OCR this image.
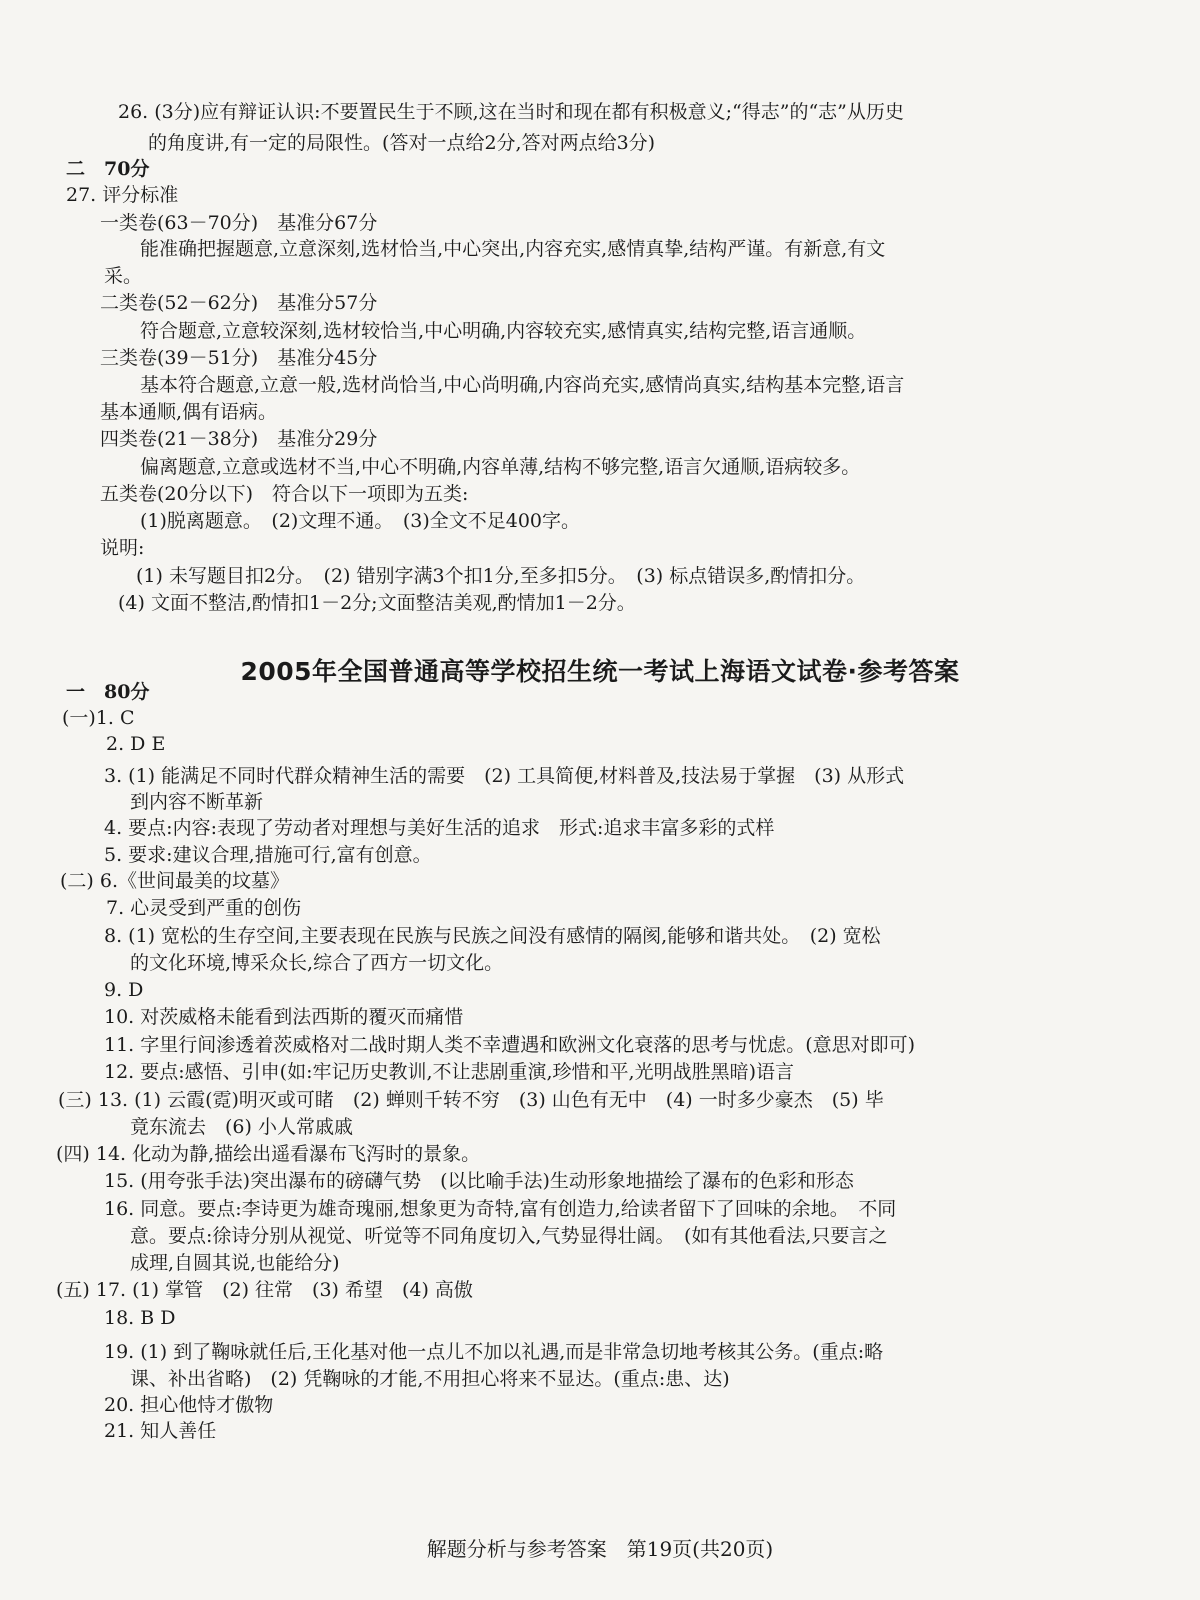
26. (3分)应有辩证认识:不要置民生于不顾,这在当时和现在都有积极意义;“得志”的“志”从历史
的角度讲,有一定的局限性。(答对一点给2分,答对两点给3分)
二　70分
27. 评分标准
一类卷(63－70分)　基准分67分
能准确把握题意,立意深刻,选材恰当,中心突出,内容充实,感情真挚,结构严谨。有新意,有文
采。
二类卷(52－62分)　基准分57分
符合题意,立意较深刻,选材较恰当,中心明确,内容较充实,感情真实,结构完整,语言通顺。
三类卷(39－51分)　基准分45分
基本符合题意,立意一般,选材尚恰当,中心尚明确,内容尚充实,感情尚真实,结构基本完整,语言
基本通顺,偶有语病。
四类卷(21－38分)　基准分29分
偏离题意,立意或选材不当,中心不明确,内容单薄,结构不够完整,语言欠通顺,语病较多。
五类卷(20分以下)　符合以下一项即为五类:
(1)脱离题意。　(2)文理不通。　(3)全文不足400字。
说明:
(1) 未写题目扣2分。　(2) 错别字满3个扣1分,至多扣5分。　(3) 标点错误多,酌情扣分。
(4) 文面不整洁,酌情扣1－2分;文面整洁美观,酌情加1－2分。
2005年全国普通高等学校招生统一考试上海语文试卷·参考答案
一　80分
(一)1. C
2. D E
3. (1) 能满足不同时代群众精神生活的需要　(2) 工具简便,材料普及,技法易于掌握　(3) 从形式
到内容不断革新
4. 要点:内容:表现了劳动者对理想与美好生活的追求　形式:追求丰富多彩的式样
5. 要求:建议合理,措施可行,富有创意。
(二) 6.《世间最美的坟墓》
7. 心灵受到严重的创伤
8. (1) 宽松的生存空间,主要表现在民族与民族之间没有感情的隔阂,能够和谐共处。　(2) 宽松
的文化环境,博采众长,综合了西方一切文化。
9. D
10. 对茨威格未能看到法西斯的覆灭而痛惜
11. 字里行间渗透着茨威格对二战时期人类不幸遭遇和欧洲文化衰落的思考与忧虑。(意思对即可)
12. 要点:感悟、引申(如:牢记历史教训,不让悲剧重演,珍惜和平,光明战胜黑暗)语言
(三) 13. (1) 云霞(霓)明灭或可睹　(2) 蝉则千转不穷　(3) 山色有无中　(4) 一时多少豪杰　(5) 毕
竟东流去　(6) 小人常戚戚
(四) 14. 化动为静,描绘出遥看瀑布飞泻时的景象。
15. (用夸张手法)突出瀑布的磅礴气势　(以比喻手法)生动形象地描绘了瀑布的色彩和形态
16. 同意。要点:李诗更为雄奇瑰丽,想象更为奇特,富有创造力,给读者留下了回味的余地。　不同
意。要点:徐诗分别从视觉、听觉等不同角度切入,气势显得壮阔。　(如有其他看法,只要言之
成理,自圆其说,也能给分)
(五) 17. (1) 掌管　(2) 往常　(3) 希望　(4) 高傲
18. B D
19. (1) 到了鞠咏就任后,王化基对他一点儿不加以礼遇,而是非常急切地考核其公务。(重点:略
课、补出省略)　(2) 凭鞠咏的才能,不用担心将来不显达。(重点:患、达)
20. 担心他恃才傲物
21. 知人善任
解题分析与参考答案　第19页(共20页)
